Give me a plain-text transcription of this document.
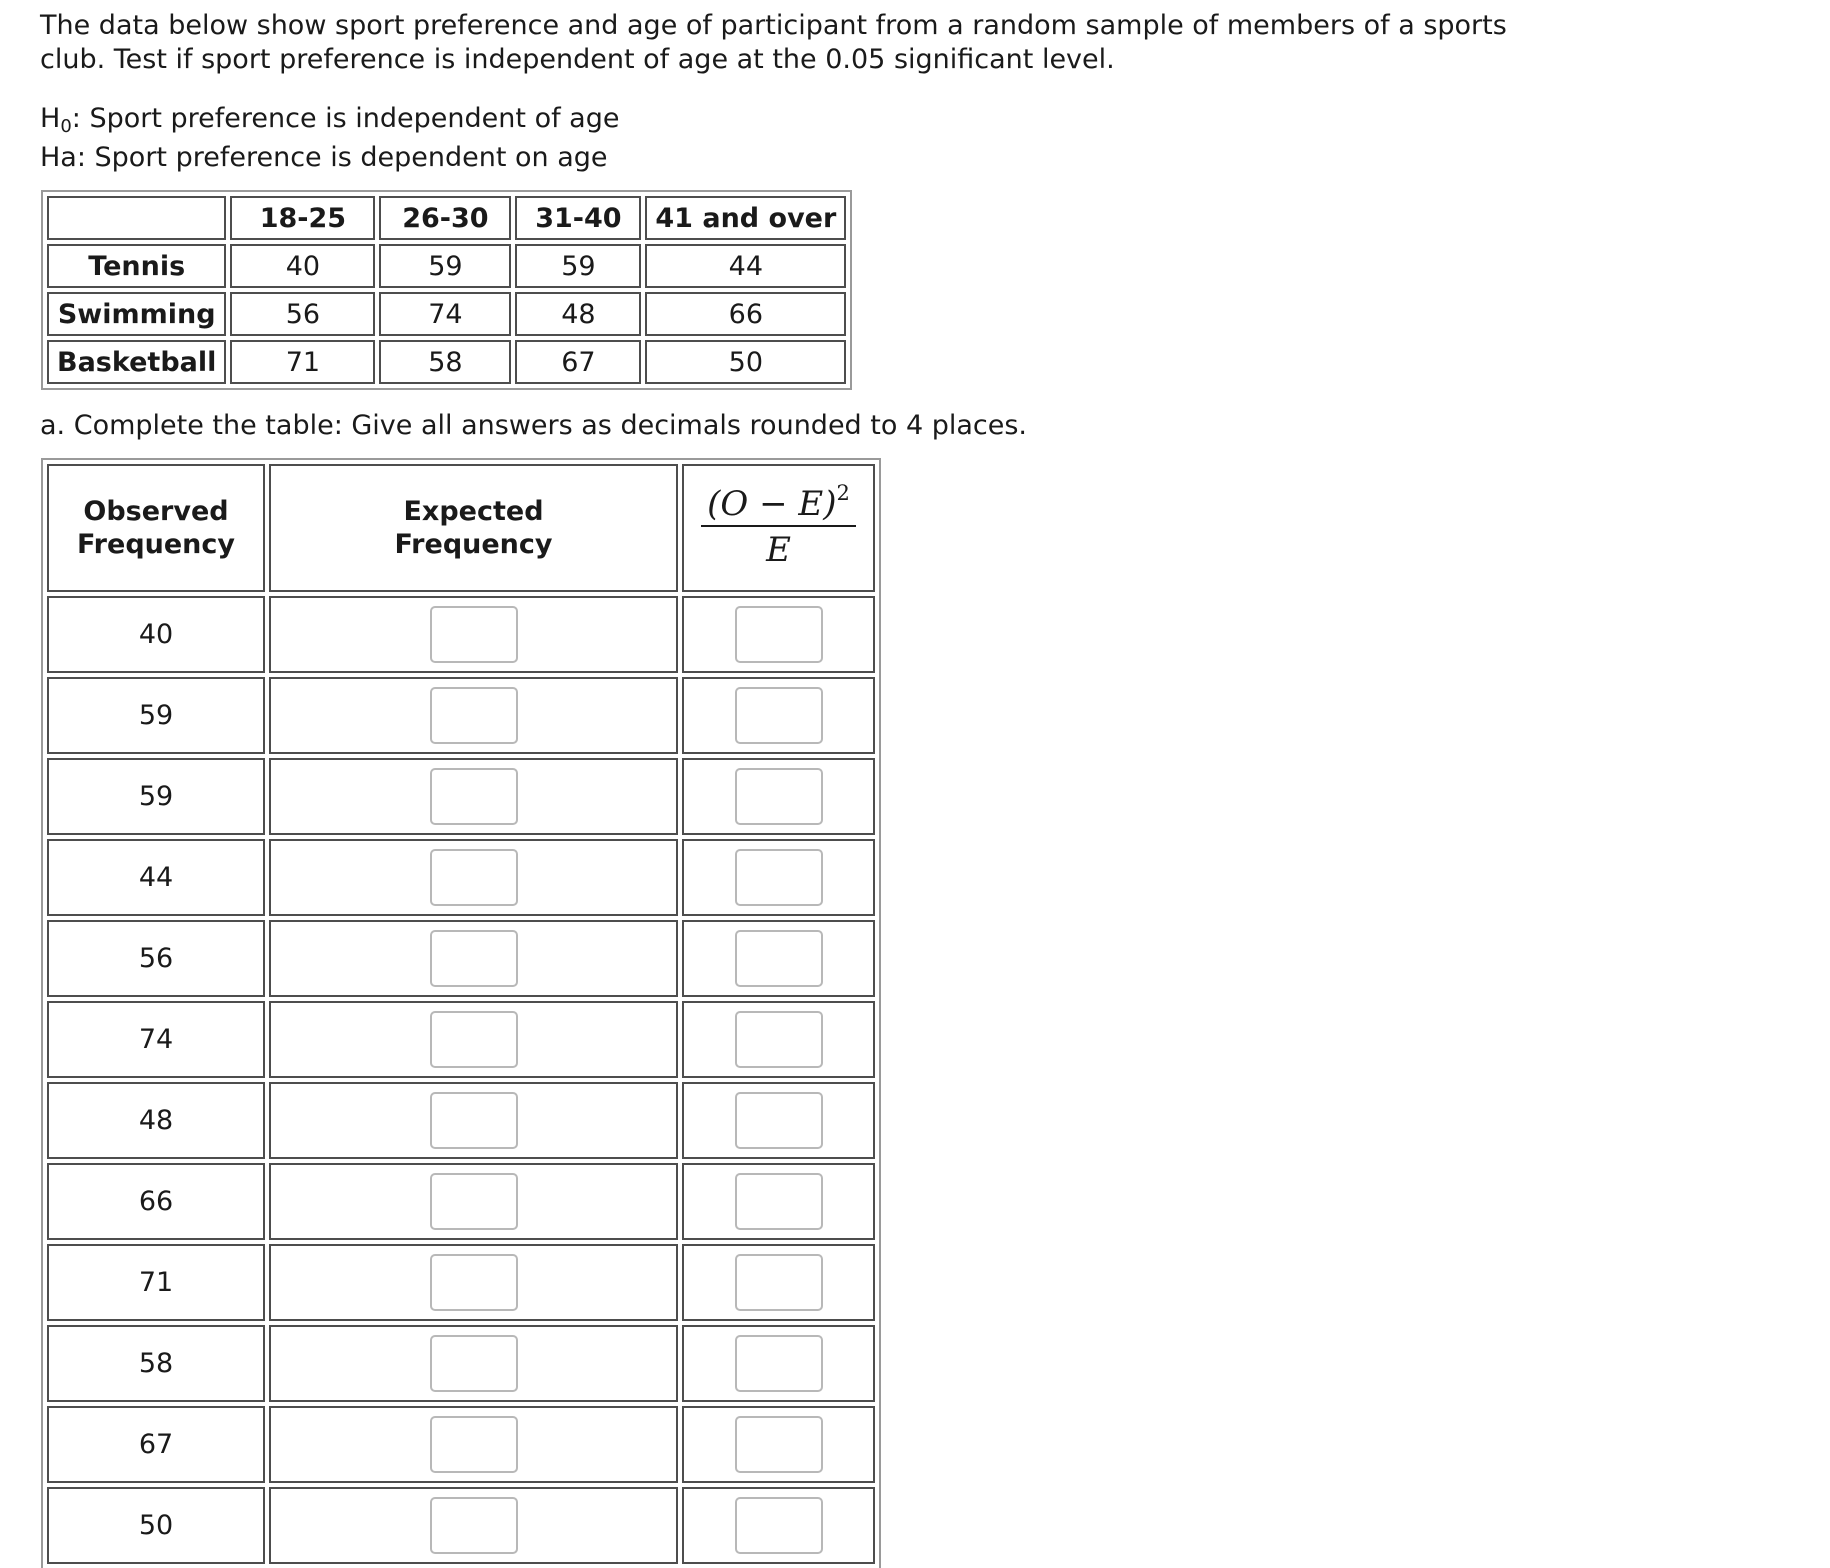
The data below show sport preference and age of participant from a random sample of members of a sports club. Test if sport preference is independent of age at the 0.05 significant level.
$H_0$: Sport preference is independent of age
Ha: Sport preference is dependent on age
	18-25	26-30	31-40	41 and over
Tennis	40	59	59	44
Swimming	56	74	48	66
Basketball	71	58	67	50
a. Complete the table: Give all answers as decimals rounded to 4 places.
Observed Frequency	Expected Frequency	$\frac{(O - E)^2}{E}$

40	

59	

59	

44	

56	

74	

48	

66	

71	

58	

67	

50	
